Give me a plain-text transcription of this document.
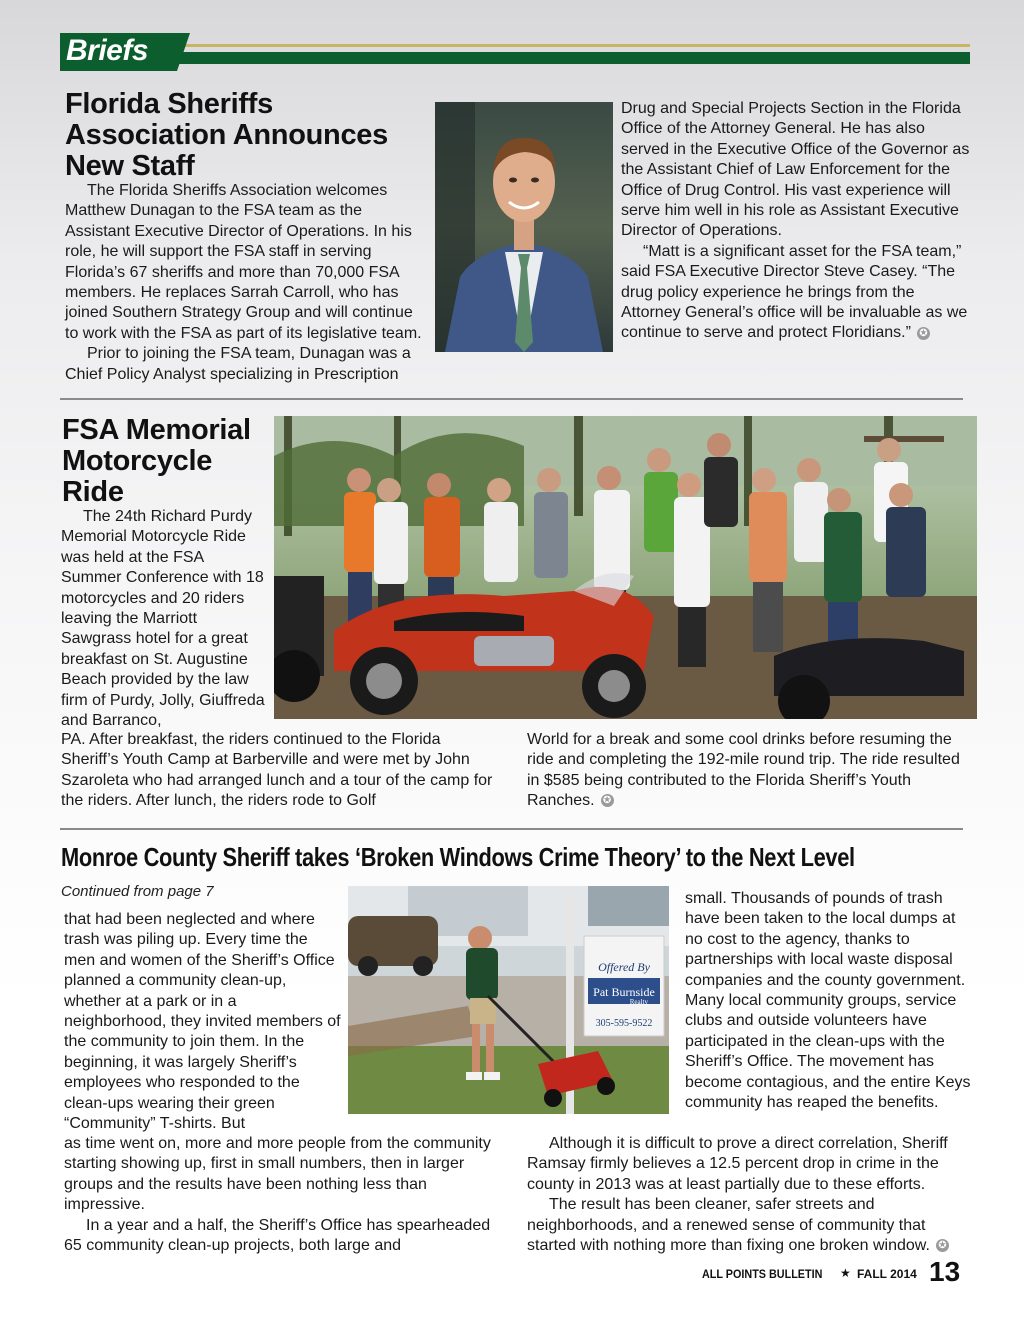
Briefs
Florida Sheriffs
Association Announces
New Staff

The Florida Sheriffs Association welcomes Matthew Dunagan to the FSA team as the Assistant Executive Director of Operations. In his role, he will support the FSA staff in serving Florida’s 67 sheriffs and more than 70,000 FSA members. He replaces Sarrah Carroll, who has joined Southern Strategy Group and will continue to work with the FSA as part of its legislative team.

Prior to joining the FSA team, Dunagan was a Chief Policy Analyst specializing in Prescription

Drug and Special Projects Section in the Florida Office of the Attorney General. He has also served in the Executive Office of the Governor as the Assistant Chief of Law Enforcement for the Office of Drug Control. His vast experience will serve him well in his role as Assistant Executive Director of Operations.

“Matt is a significant asset for the FSA team,” said FSA Executive Director Steve Casey. “The drug policy experience he brings from the Attorney General’s office will be invaluable as we continue to serve and protect Floridians.” ✪

FSA Memorial
Motorcycle
Ride

The 24th Richard Purdy Memorial Motorcycle Ride was held at the FSA Summer Conference with 18 motorcycles and 20 riders leaving the Marriott Sawgrass hotel for a great breakfast on St. Augustine Beach provided by the law firm of Purdy, Jolly, Giuffreda and Barranco,

PA. After breakfast, the riders continued to the Florida Sheriff’s Youth Camp at Barberville and were met by John Szaroleta who had arranged lunch and a tour of the camp for the riders. After lunch, the riders rode to Golf

World for a break and some cool drinks before resuming the ride and completing the 192-mile round trip. The ride resulted in $585 being contributed to the Florida Sheriff’s Youth Ranches. ✪

Monroe County Sheriff takes ‘Broken Windows Crime Theory’ to the Next Level
Continued from page 7

that had been neglected and where trash was piling up. Every time the men and women of the Sheriff’s Office planned a community clean-up, whether at a park or in a neighborhood, they invited members of the community to join them. In the beginning, it was largely Sheriff’s employees who responded to the clean-ups wearing their green “Community” T-shirts. But

Offered By
Pat Burnside
Realty
305-595-9522

small. Thousands of pounds of trash have been taken to the local dumps at no cost to the agency, thanks to partnerships with local waste disposal companies and the county government. Many local community groups, service clubs and outside volunteers have participated in the clean-ups with the Sheriff’s Office. The movement has become contagious, and the entire Keys community has reaped the benefits.

as time went on, more and more people from the community starting showing up, first in small numbers, then in larger groups and the results have been nothing less than impressive.

In a year and a half, the Sheriff’s Office has spearheaded 65 community clean-up projects, both large and

Although it is difficult to prove a direct correlation, Sheriff Ramsay firmly believes a 12.5 percent drop in crime in the county in 2013 was at least partially due to these efforts.

The result has been cleaner, safer streets and neighborhoods, and a renewed sense of community that started with nothing more than fixing one broken window. ✪

ALL POINTS BULLETIN ★ FALL 2014 13
